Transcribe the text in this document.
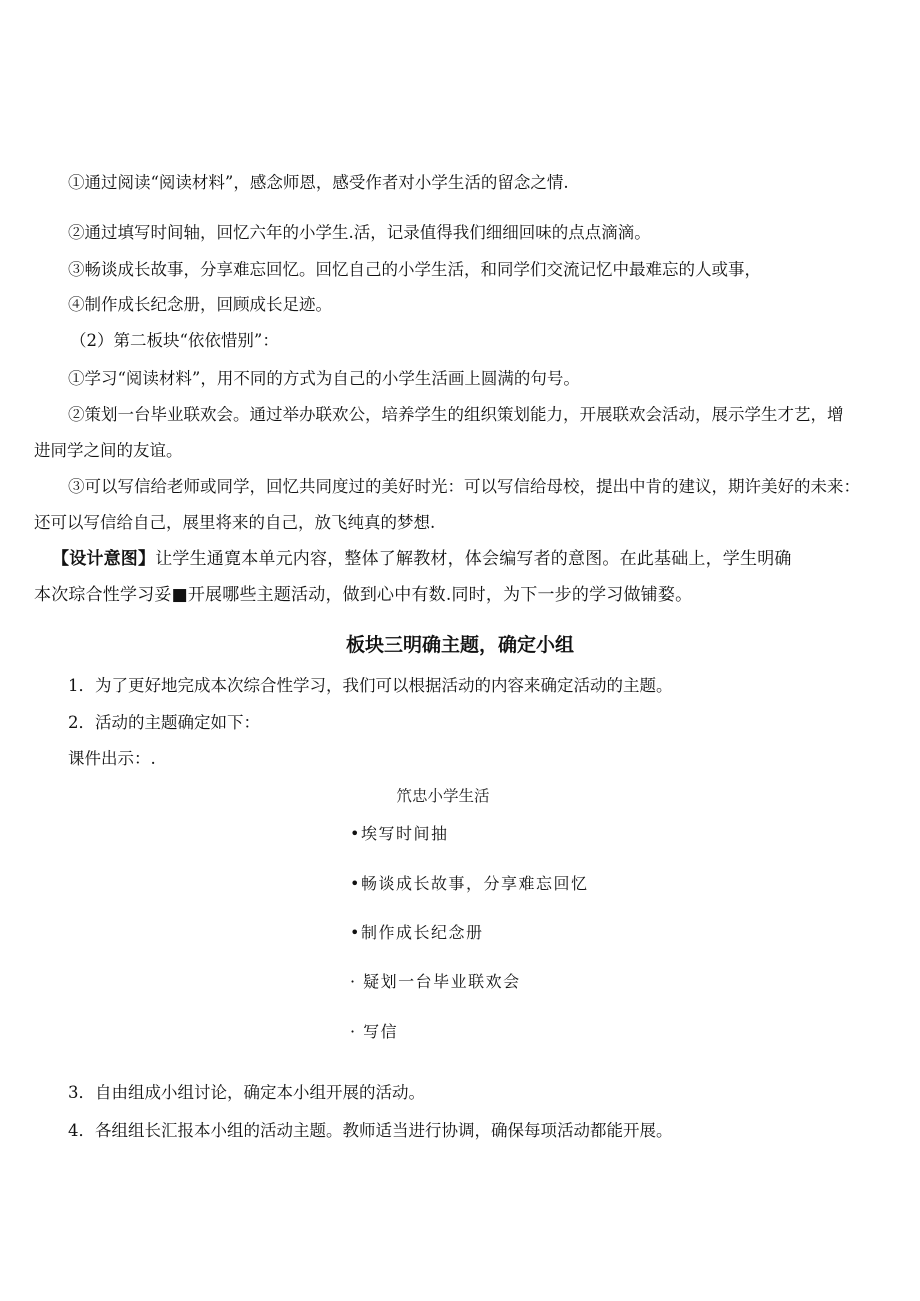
①通过阅读“阅读材料”，感念师恩，感受作者对小学生活的留念之情.
②通过填写时间轴，回忆六年的小学生.活，记录值得我们细细回味的点点滴滴。
③畅谈成长故事，分享难忘回忆。回忆自己的小学生活，和同学们交流记忆中最难忘的人或事，
④制作成长纪念册，回顾成长足迹。
（2）第二板块“依依惜别”：
①学习“阅读材料”，用不同的方式为自己的小学生活画上圆满的句号。
②策划一台毕业联欢会。通过举办联欢公，培养学生的组织策划能力，开展联欢会活动，展示学生才艺，增
进同学之间的友谊。
③可以写信给老师或同学，回忆共同度过的美好时光：可以写信给母校，提出中肯的建议，期许美好的未来：
还可以写信给自己，展里将来的自己，放飞纯真的梦想.
【设计意图】让学生通寛本单元内容，整体了解教材，体会编写者的意图。在此基础上，学生明确
本次琮合性学习妥■开展哪些主题活动，做到心中有数.同时，为下一步的学习做铺婺。
板块三明确主题，确定小组
1．为了更好地完成本次综合性学习，我们可以根据活动的内容来确定活动的主题。
2．活动的主题确定如下：
课件出示：.
笊忠小学生活
•埃写时间抽
•畅谈成长故事，分享难忘回忆
•制作成长纪念册
· 疑划一台毕业联欢会
· 写信
3．自由组成小组讨论，确定本小组开展的活动。
4．各组组长汇报本小组的活动主题。教师适当进行协调，确保每项活动都能开展。
